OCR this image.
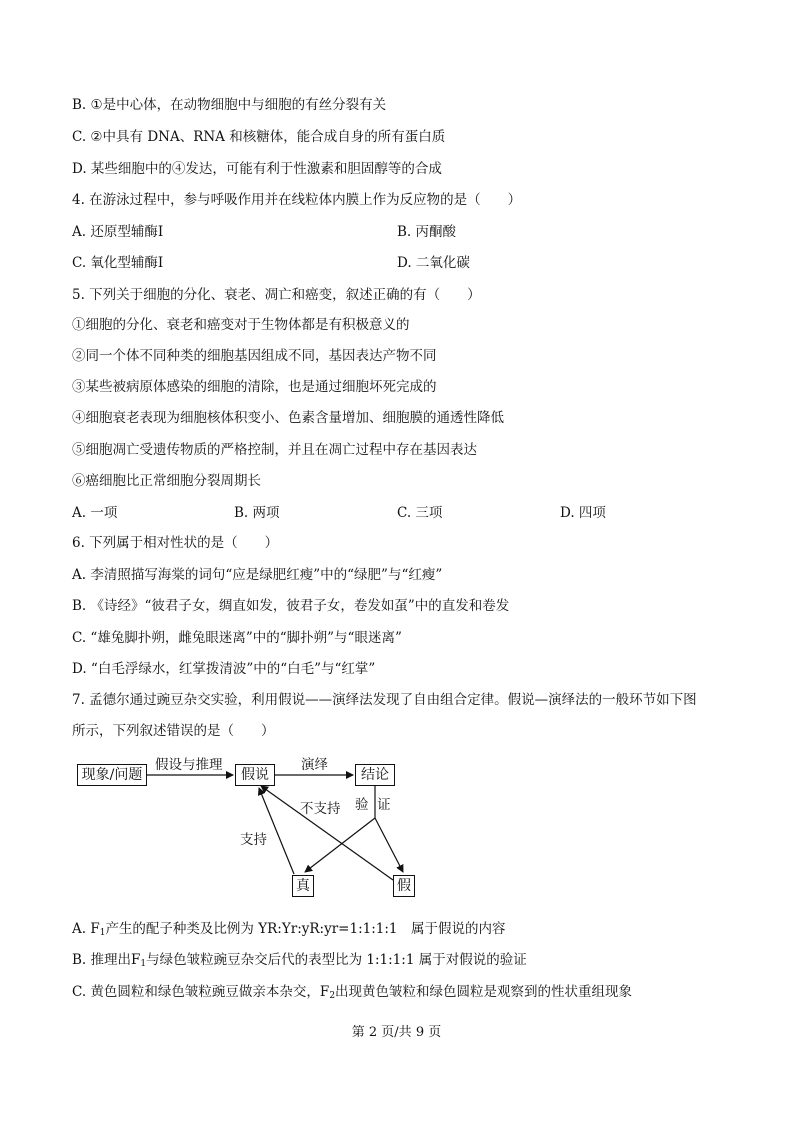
B. ①是中心体，在动物细胞中与细胞的有丝分裂有关
C. ②中具有 DNA、RNA 和核糖体，能合成自身的所有蛋白质
D. 某些细胞中的④发达，可能有利于性激素和胆固醇等的合成
4. 在游泳过程中，参与呼吸作用并在线粒体内膜上作为反应物的是（　　）
A. 还原型辅酶Ⅰ	B. 丙酮酸
C. 氧化型辅酶Ⅰ	D. 二氧化碳
5. 下列关于细胞的分化、衰老、凋亡和癌变，叙述正确的有（　　）
①细胞的分化、衰老和癌变对于生物体都是有积极意义的
②同一个体不同种类的细胞基因组成不同，基因表达产物不同
③某些被病原体感染的细胞的清除，也是通过细胞坏死完成的
④细胞衰老表现为细胞核体积变小、色素含量增加、细胞膜的通透性降低
⑤细胞凋亡受遗传物质的严格控制，并且在凋亡过程中存在基因表达
⑥癌细胞比正常细胞分裂周期长
A. 一项	B. 两项	C. 三项	D. 四项
6. 下列属于相对性状的是（　　）
A. 李清照描写海棠的词句“应是绿肥红瘦”中的“绿肥”与“红瘦”
B. 《诗经》“彼君子女，绸直如发，彼君子女，卷发如虿”中的直发和卷发
C. “雄兔脚扑朔，雌兔眼迷离”中的“脚扑朔”与“眼迷离”
D. “白毛浮绿水，红掌拨清波”中的“白毛”与“红掌”
7. 孟德尔通过豌豆杂交实验，利用假说——演绎法发现了自由组合定律。假说—演绎法的一般环节如下图
所示，下列叙述错误的是（　　）
现象/问题
假设与推理
假说
演绎
结论
不支持 验  证
支持
真	假
A. $F_1$产生的配子种类及比例为 YR:Yr:yR:yr=1:1:1:1　属于假说的内容
B. 推理出$F_1$与绿色皱粒豌豆杂交后代的表型比为 1:1:1:1 属于对假说的验证
C. 黄色圆粒和绿色皱粒豌豆做亲本杂交，$F_2$出现黄色皱粒和绿色圆粒是观察到的性状重组现象
第 2 页/共 9 页
